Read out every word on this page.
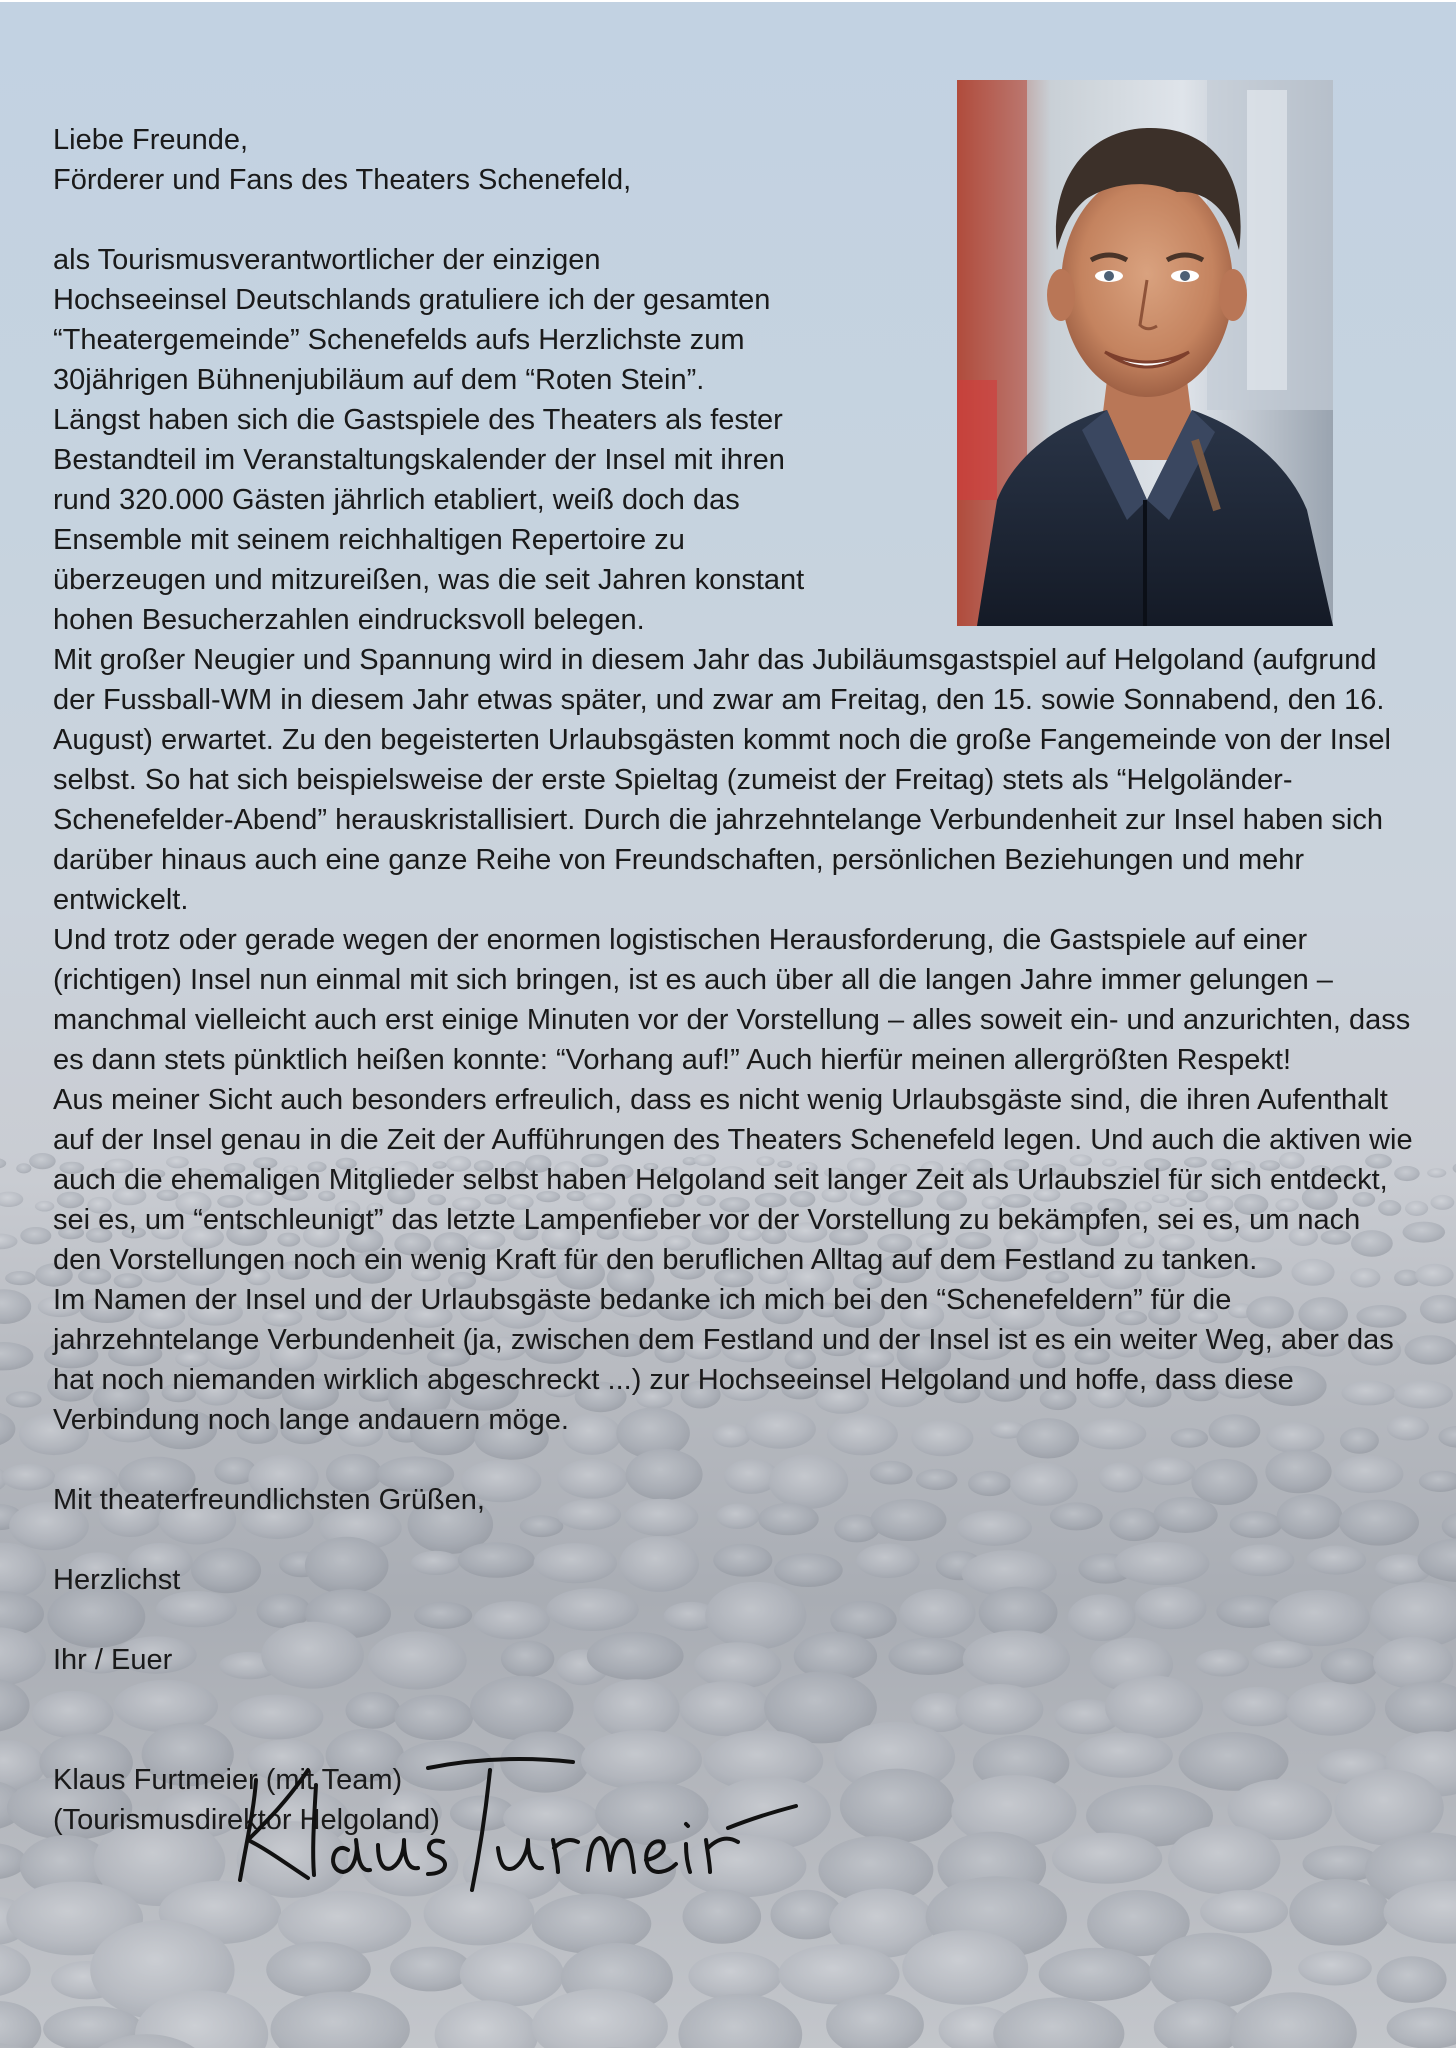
Liebe Freunde,

Förderer und Fans des Theaters Schenefeld,

als Tourismusverantwortlicher der einzigen

Hochseeinsel Deutschlands gratuliere ich der gesamten

“Theatergemeinde” Schenefelds aufs Herzlichste zum

30jährigen Bühnenjubiläum auf dem “Roten Stein”.

Längst haben sich die Gastspiele des Theaters als fester

Bestandteil im Veranstaltungskalender der Insel mit ihren

rund 320.000 Gästen jährlich etabliert, weiß doch das

Ensemble mit seinem reichhaltigen Repertoire zu

überzeugen und mitzureißen, was die seit Jahren konstant

hohen Besucherzahlen eindrucksvoll belegen.

Mit großer Neugier und Spannung wird in diesem Jahr das Jubiläumsgastspiel auf Helgoland (aufgrund der Fussball-WM in diesem Jahr etwas später, und zwar am Freitag, den 15. sowie Sonnabend, den 16. August) erwartet. Zu den begeisterten Urlaubsgästen kommt noch die große Fangemeinde von der Insel selbst. So hat sich beispielsweise der erste Spieltag (zumeist der Freitag) stets als “Helgoländer-Schenefelder-Abend” herauskristallisiert. Durch die jahrzehntelange Verbundenheit zur Insel haben sich darüber hinaus auch eine ganze Reihe von Freundschaften, persönlichen Beziehungen und mehr entwickelt.

Und trotz oder gerade wegen der enormen logistischen Herausforderung, die Gastspiele auf einer (richtigen) Insel nun einmal mit sich bringen, ist es auch über all die langen Jahre immer gelungen – manchmal vielleicht auch erst einige Minuten vor der Vorstellung – alles soweit ein- und anzurichten, dass es dann stets pünktlich heißen konnte: “Vorhang auf!” Auch hierfür meinen allergrößten Respekt!

Aus meiner Sicht auch besonders erfreulich, dass es nicht wenig Urlaubsgäste sind, die ihren Aufenthalt auf der Insel genau in die Zeit der Aufführungen des Theaters Schenefeld legen. Und auch die aktiven wie auch die ehemaligen Mitglieder selbst haben Helgoland seit langer Zeit als Urlaubsziel für sich entdeckt, sei es, um “entschleunigt” das letzte Lampenfieber vor der Vorstellung zu bekämpfen, sei es, um nach den Vorstellungen noch ein wenig Kraft für den beruflichen Alltag auf dem Festland zu tanken.

Im Namen der Insel und der Urlaubsgäste bedanke ich mich bei den “Schenefeldern” für die jahrzehntelange Verbundenheit (ja, zwischen dem Festland und der Insel ist es ein weiter Weg, aber das hat noch niemanden wirklich abgeschreckt ...) zur Hochseeinsel Helgoland und hoffe, dass diese Verbindung noch lange andauern möge.

Mit theaterfreundlichsten Grüßen,

Herzlichst

Ihr / Euer

Klaus Furtmeier (mit Team)

(Tourismusdirektor Helgoland)
